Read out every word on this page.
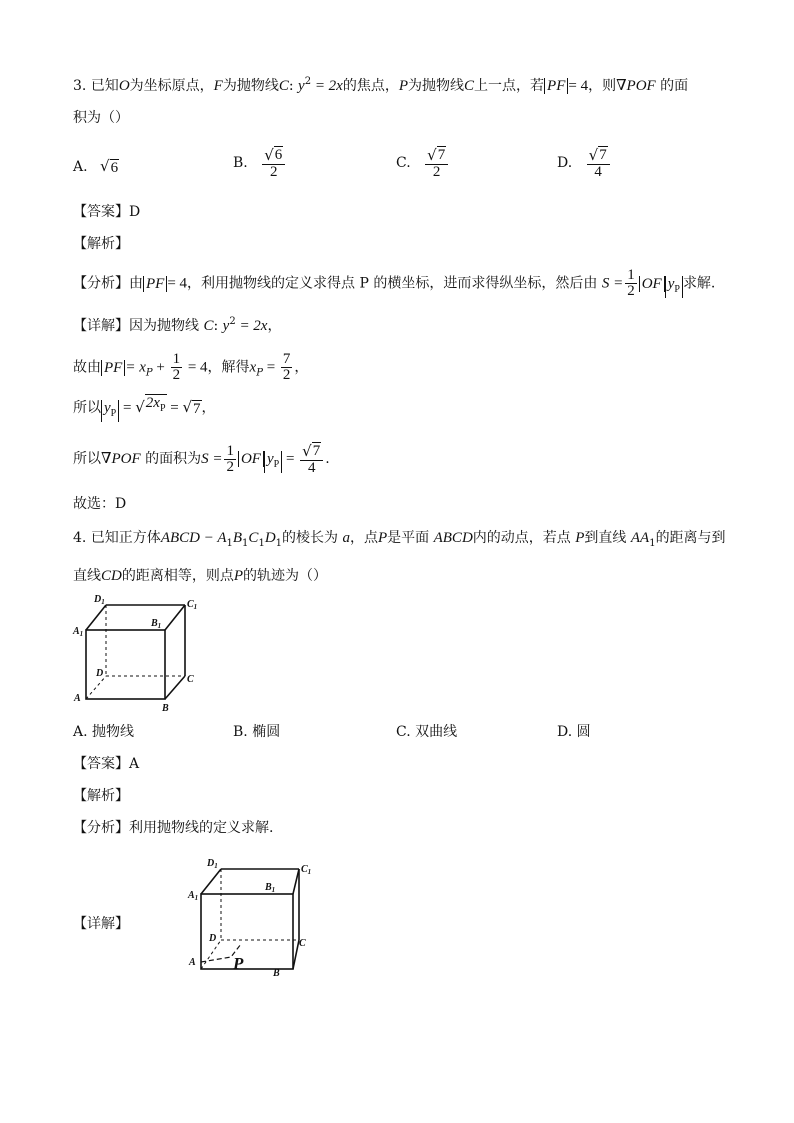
3. 已知O为坐标原点，F为抛物线C: $y^2 = 2x$的焦点，P为抛物线C上一点，若 PF = 4，则∇POF 的面
积为（）
A. √ 6	B. $\frac{√ 6}{2}$	C. $\frac{√ 7}{2}$	D. $\frac{√ 7}{4}$
【答案】D
【解析】
【分析】由 PF = 4，利用抛物线的定义求得点 P 的横坐标，进而求得纵坐标，然后由 $S = \frac{1}{2}$ OF $y_P$ 求解.
【详解】因为抛物线 C: $y^2 = 2x$，
故由 PF = $x_P + \frac{1}{2} = 4$，解得$x_P = \frac{7}{2}$ ，
所以 $y_P$ = √ $2x_P$ = √ 7 ，
所以∇POF 的面积为$S = \frac{1}{2}$ OF $y_P = \frac{√ 7}{4}$ .
故选：D
4. 已知正方体ABCD − $A_1B_1C_1D_1$的棱长为 a，点P是平面 ABCD内的动点，若点 P到直线 $AA_1$的距离与到
直线CD的距离相等，则点P的轨迹为（）
$D_1$	$C_1$
$A_1$
$B_1$
D
C
A
B
A. 抛物线	B. 椭圆	C. 双曲线	D. 圆
【答案】A
【解析】
【分析】利用抛物线的定义求解.
【详解】
$D_1$	$C_1$
$A_1$
$B_1$
D	C
A
B
P
